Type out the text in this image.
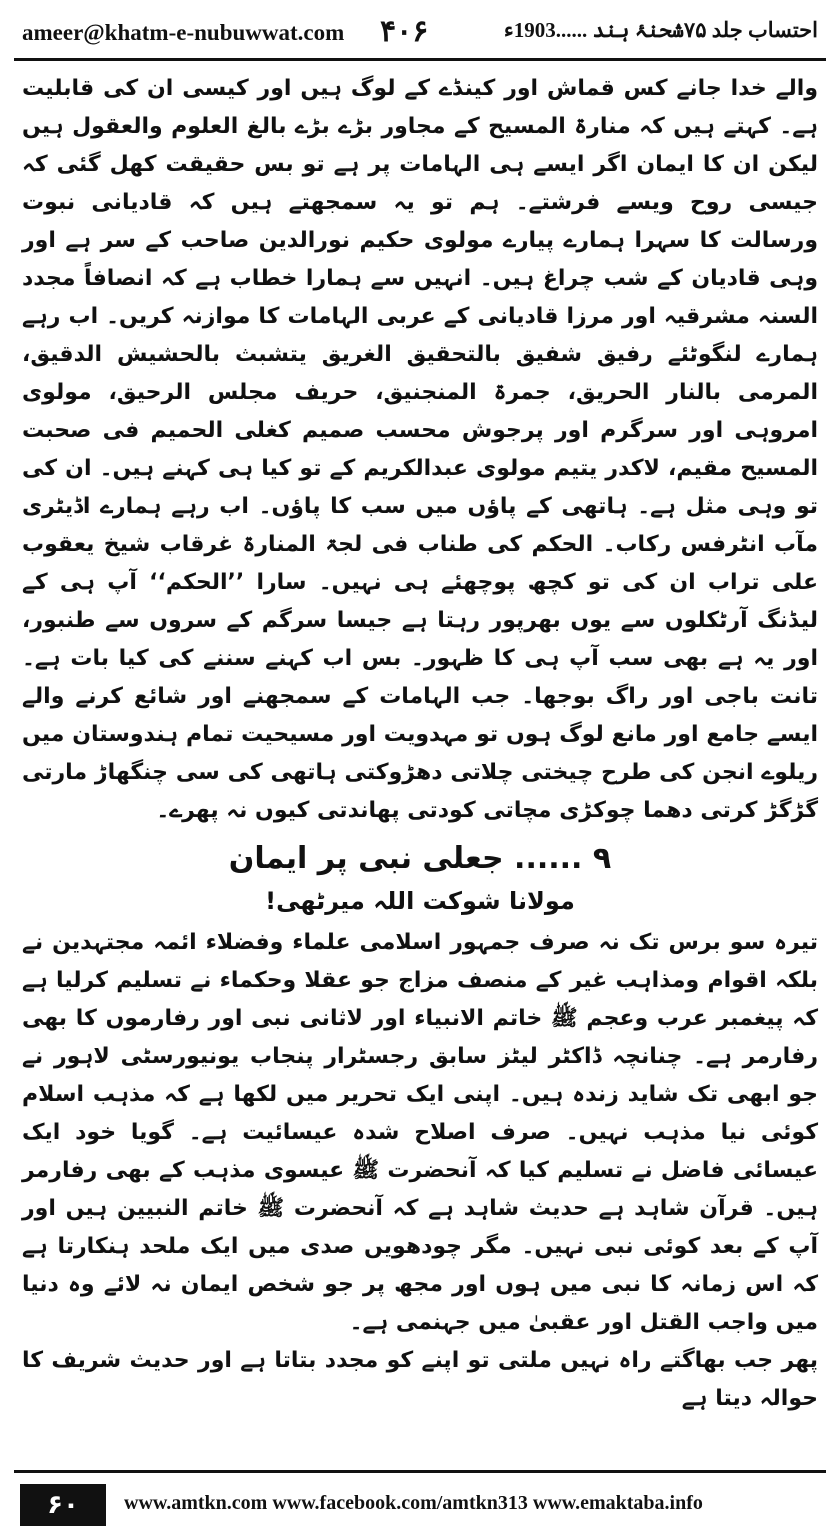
ameer@khatm-e-nubuwwat.com ۴۰۶	احتساب جلد ۷۵شحنۂ ہند ......1903ء

والے خدا جانے کس قماش اور کینڈے کے لوگ ہیں اور کیسی ان کی قابلیت ہے۔ کہتے ہیں کہ منارۃ المسیح کے مجاور بڑے بڑے بالغ العلوم والعقول ہیں لیکن ان کا ایمان اگر ایسے ہی الہامات پر ہے تو بس حقیقت کھل گئی کہ جیسی روح ویسے فرشتے۔ ہم تو یہ سمجھتے ہیں کہ قادیانی نبوت ورسالت کا سہرا ہمارے پیارے مولوی حکیم نورالدین صاحب کے سر ہے اور وہی قادیان کے شب چراغ ہیں۔ انہیں سے ہمارا خطاب ہے کہ انصافاً مجدد السنہ مشرقیہ اور مرزا قادیانی کے عربی الہامات کا موازنہ کریں۔ اب رہے ہمارے لنگوٹئے رفیق شفیق بالتحقیق الغریق یتشبث بالحشیش الدقیق، المرمی بالنار الحریق، جمرۃ المنجنیق، حریف مجلس الرحیق، مولوی امروہی اور سرگرم اور پرجوش محسب صمیم کغلی الحمیم فی صحبت المسیح مقیم، لاکدر یتیم مولوی عبدالکریم کے تو کیا ہی کہنے ہیں۔ ان کی تو وہی مثل ہے۔ ہاتھی کے پاؤں میں سب کا پاؤں۔ اب رہے ہمارے اڈیٹری مآب انٹرفس رکاب۔ الحکم کی طناب فی لجۃ المنارۃ غرقاب شیخ یعقوب علی تراب ان کی تو کچھ پوچھئے ہی نہیں۔ سارا ’’الحکم‘‘ آپ ہی کے لیڈنگ آرٹکلوں سے یوں بھرپور رہتا ہے جیسا سرگم کے سروں سے طنبور، اور یہ ہے بھی سب آپ ہی کا ظہور۔ بس اب کہنے سننے کی کیا بات ہے۔ تانت باجی اور راگ بوجھا۔ جب الہامات کے سمجھنے اور شائع کرنے والے ایسے جامع اور مانع لوگ ہوں تو مہدویت اور مسیحیت تمام ہندوستان میں ریلوے انجن کی طرح چیختی چلاتی دھڑوکتی ہاتھی کی سی چنگھاڑ مارتی گڑگڑ کرتی دھما چوکڑی مچاتی کودتی پھاندتی کیوں نہ پھرے۔

۹ ...... جعلی نبی پر ایمان
مولانا شوکت اللہ میرٹھی!

تیرہ سو برس تک نہ صرف جمہور اسلامی علماء وفضلاء ائمہ مجتہدین نے بلکہ اقوام ومذاہب غیر کے منصف مزاج جو عقلا وحکماء نے تسلیم کرلیا ہے کہ پیغمبر عرب وعجم ﷺ خاتم الانبیاء اور لاثانی نبی اور رفارموں کا بھی رفارمر ہے۔ چنانچہ ڈاکٹر لیٹز سابق رجسٹرار پنجاب یونیورسٹی لاہور نے جو ابھی تک شاید زندہ ہیں۔ اپنی ایک تحریر میں لکھا ہے کہ مذہب اسلام کوئی نیا مذہب نہیں۔ صرف اصلاح شدہ عیسائیت ہے۔ گویا خود ایک عیسائی فاضل نے تسلیم کیا کہ آنحضرت ﷺ عیسوی مذہب کے بھی رفارمر ہیں۔ قرآن شاہد ہے حدیث شاہد ہے کہ آنحضرت ﷺ خاتم النبیین ہیں اور آپ کے بعد کوئی نبی نہیں۔ مگر چودھویں صدی میں ایک ملحد ہنکارتا ہے کہ اس زمانہ کا نبی میں ہوں اور مجھ پر جو شخص ایمان نہ لائے وہ دنیا میں واجب القتل اور عقبیٰ میں جہنمی ہے۔

پھر جب بھاگتے راہ نہیں ملتی تو اپنے کو مجدد بتاتا ہے اور حدیث شریف کا حوالہ دیتا ہے

۶۰	www.amtkn.com www.facebook.com/amtkn313 www.emaktaba.info
